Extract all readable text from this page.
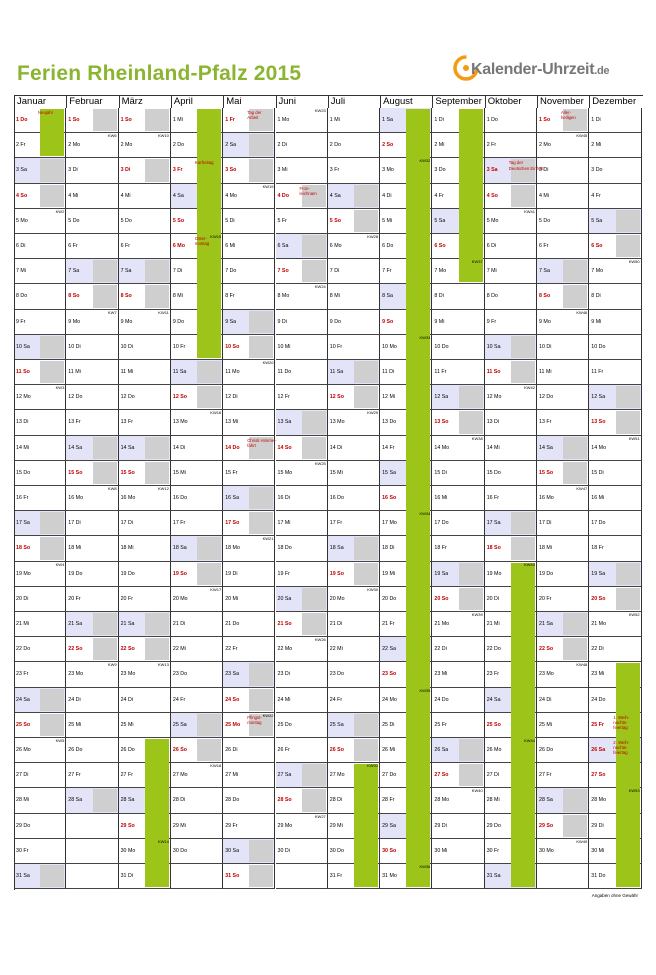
Ferien Rheinland-Pfalz 2015	Kalender-Uhrzeit.de
Januar
1 Do
Neujahr
2 Fr
3 Sa
4 So
5 Mo
KW2
6 Di
7 Mi
8 Do
9 Fr
10 Sa
11 So
12 Mo
KW3
13 Di
14 Mi
15 Do
16 Fr
17 Sa
18 So
19 Mo
KW4
20 Di
21 Mi
22 Do
23 Fr
24 Sa
25 So
26 Mo
KW5
27 Di
28 Mi
29 Do
30 Fr
31 Sa
Februar
1 So
2 Mo
KW6
3 Di
4 Mi
5 Do
6 Fr
7 Sa
8 So
9 Mo
KW7
10 Di
11 Mi
12 Do
13 Fr
14 Sa
15 So
16 Mo
KW8
17 Di
18 Mi
19 Do
20 Fr
21 Sa
22 So
23 Mo
KW9
24 Di
25 Mi
26 Do
27 Fr
28 Sa
März
1 So
2 Mo
KW10
3 Di
4 Mi
5 Do
6 Fr
7 Sa
8 So
9 Mo
KW11
10 Di
11 Mi
12 Do
13 Fr
14 Sa
15 So
16 Mo
KW12
17 Di
18 Mi
19 Do
20 Fr
21 Sa
22 So
23 Mo
KW13
24 Di
25 Mi
26 Do
27 Fr
28 Sa
29 So
30 Mo
KW14
31 Di
April
1 Mi
2 Do
3 Fr
Karfreitag
4 Sa
5 So
6 Mo
KW15
Oster-
montag
7 Di
8 Mi
9 Do
10 Fr
11 Sa
12 So
13 Mo
KW16
14 Di
15 Mi
16 Do
17 Fr
18 Sa
19 So
20 Mo
KW17
21 Di
22 Mi
23 Do
24 Fr
25 Sa
26 So
27 Mo
KW18
28 Di
29 Mi
30 Do
Mai
1 Fr
Tag der
Arbeit
2 Sa
3 So
4 Mo
KW19
5 Di
6 Mi
7 Do
8 Fr
9 Sa
10 So
11 Mo
KW20
12 Di
13 Mi
14 Do
Christi Himmel-
fahrt
15 Fr
16 Sa
17 So
18 Mo
KW21
19 Di
20 Mi
21 Do
22 Fr
23 Sa
24 So
25 Mo
KW22
Pfingst-
montag
26 Di
27 Mi
28 Do
29 Fr
30 Sa
31 So
Juni
1 Mo
KW23
2 Di
3 Mi
4 Do
Fron-
leichnam
5 Fr
6 Sa
7 So
8 Mo
KW24
9 Di
10 Mi
11 Do
12 Fr
13 Sa
14 So
15 Mo
KW25
16 Di
17 Mi
18 Do
19 Fr
20 Sa
21 So
22 Mo
KW26
23 Di
24 Mi
25 Do
26 Fr
27 Sa
28 So
29 Mo
KW27
30 Di
Juli
1 Mi
2 Do
3 Fr
4 Sa
5 So
6 Mo
KW28
7 Di
8 Mi
9 Do
10 Fr
11 Sa
12 So
13 Mo
KW29
14 Di
15 Mi
16 Do
17 Fr
18 Sa
19 So
20 Mo
KW30
21 Di
22 Mi
23 Do
24 Fr
25 Sa
26 So
27 Mo
KW31
28 Di
29 Mi
30 Do
31 Fr
August
1 Sa
2 So
3 Mo
KW32
4 Di
5 Mi
6 Do
7 Fr
8 Sa
9 So
10 Mo
KW33
11 Di
12 Mi
13 Do
14 Fr
15 Sa
16 So
17 Mo
KW34
18 Di
19 Mi
20 Do
21 Fr
22 Sa
23 So
24 Mo
KW35
25 Di
26 Mi
27 Do
28 Fr
29 Sa
30 So
31 Mo
KW36
September
1 Di
2 Mi
3 Do
4 Fr
5 Sa
6 So
7 Mo
KW37
8 Di
9 Mi
10 Do
11 Fr
12 Sa
13 So
14 Mo
KW38
15 Di
16 Mi
17 Do
18 Fr
19 Sa
20 So
21 Mo
KW39
22 Di
23 Mi
24 Do
25 Fr
26 Sa
27 So
28 Mo
KW40
29 Di
30 Mi
Oktober
1 Do
2 Fr
3 Sa
Tag der
Deutschen Einheit
4 So
5 Mo
KW41
6 Di
7 Mi
8 Do
9 Fr
10 Sa
11 So
12 Mo
KW42
13 Di
14 Mi
15 Do
16 Fr
17 Sa
18 So
19 Mo
KW43
20 Di
21 Mi
22 Do
23 Fr
24 Sa
25 So
26 Mo
KW44
27 Di
28 Mi
29 Do
30 Fr
31 Sa
November
1 So
Aller-
heiligen
2 Mo
KW45
3 Di
4 Mi
5 Do
6 Fr
7 Sa
8 So
9 Mo
KW46
10 Di
11 Mi
12 Do
13 Fr
14 Sa
15 So
16 Mo
KW47
17 Di
18 Mi
19 Do
20 Fr
21 Sa
22 So
23 Mo
KW48
24 Di
25 Mi
26 Do
27 Fr
28 Sa
29 So
30 Mo
KW49
Dezember
1 Di
2 Mi
3 Do
4 Fr
5 Sa
6 So
7 Mo
KW50
8 Di
9 Mi
10 Do
11 Fr
12 Sa
13 So
14 Mo
KW51
15 Di
16 Mi
17 Do
18 Fr
19 Sa
20 So
21 Mo
KW52
22 Di
23 Mi
24 Do
25 Fr
1. Weih-
nachts-
feiertag
26 Sa
2. Weih-
nachts-
feiertag
27 So
28 Mo
KW53
29 Di
30 Mi
31 Do
Angaben ohne Gewähr
